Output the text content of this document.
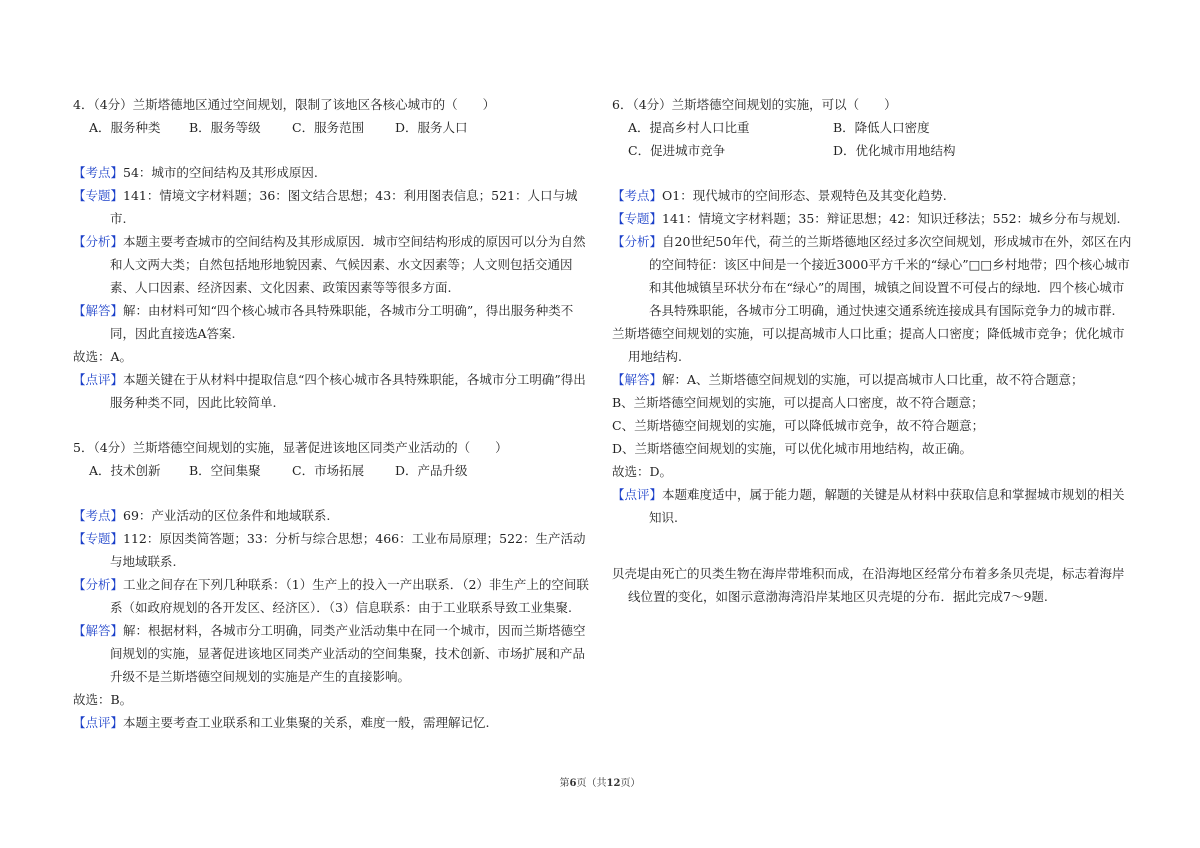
4．（4分）兰斯塔德地区通过空间规划，限制了该地区各核心城市的（　　）

A．服务种类	B．服务等级	C．服务范围	D．服务人口

【考点】54：城市的空间结构及其形成原因.

【专题】141：情境文字材料题；36：图文结合思想；43：利用图表信息；521：人口与城市.

【分析】本题主要考查城市的空间结构及其形成原因．城市空间结构形成的原因可以分为自然和人文两大类；自然包括地形地貌因素、气候因素、水文因素等；人文则包括交通因素、人口因素、经济因素、文化因素、政策因素等等很多方面.

【解答】解：由材料可知“四个核心城市各具特殊职能，各城市分工明确”，得出服务种类不同，因此直接选A答案.

故选：A。

【点评】本题关键在于从材料中提取信息“四个核心城市各具特殊职能，各城市分工明确”得出服务种类不同，因此比较简单.

5．（4分）兰斯塔德空间规划的实施，显著促进该地区同类产业活动的（　　）

A．技术创新	B．空间集聚	C．市场拓展	D．产品升级

【考点】69：产业活动的区位条件和地域联系.

【专题】112：原因类简答题；33：分析与综合思想；466：工业布局原理；522：生产活动与地域联系.

【分析】工业之间存在下列几种联系：（1）生产上的投入一产出联系．（2）非生产上的空间联系（如政府规划的各开发区、经济区）．（3）信息联系：由于工业联系导致工业集聚.

【解答】解：根据材料，各城市分工明确，同类产业活动集中在同一个城市，因而兰斯塔德空间规划的实施，显著促进该地区同类产业活动的空间集聚，技术创新、市场扩展和产品升级不是兰斯塔德空间规划的实施是产生的直接影响。

故选：B。

【点评】本题主要考查工业联系和工业集聚的关系，难度一般，需理解记忆.

6．（4分）兰斯塔德空间规划的实施，可以（　　）

A．提高乡村人口比重	B．降低人口密度
C．促进城市竞争	D．优化城市用地结构

【考点】O1：现代城市的空间形态、景观特色及其变化趋势.

【专题】141：情境文字材料题；35：辩证思想；42：知识迁移法；552：城乡分布与规划.

【分析】自20世纪50年代，荷兰的兰斯塔德地区经过多次空间规划，形成城市在外，郊区在内的空间特征：该区中间是一个接近3000平方千米的“绿心”□□乡村地带；四个核心城市和其他城镇呈环状分布在“绿心”的周围，城镇之间设置不可侵占的绿地．四个核心城市各具特殊职能，各城市分工明确，通过快速交通系统连接成具有国际竞争力的城市群.

兰斯塔德空间规划的实施，可以提高城市人口比重；提高人口密度；降低城市竞争；优化城市用地结构.

【解答】解：A、兰斯塔德空间规划的实施，可以提高城市人口比重，故不符合题意；

B、兰斯塔德空间规划的实施，可以提高人口密度，故不符合题意；

C、兰斯塔德空间规划的实施，可以降低城市竞争，故不符合题意；

D、兰斯塔德空间规划的实施，可以优化城市用地结构，故正确。

故选：D。

【点评】本题难度适中，属于能力题，解题的关键是从材料中获取信息和掌握城市规划的相关知识.

贝壳堤由死亡的贝类生物在海岸带堆积而成，在沿海地区经常分布着多条贝壳堤，标志着海岸线位置的变化，如图示意渤海湾沿岸某地区贝壳堤的分布．据此完成7～9题.

第6页（共12页）
